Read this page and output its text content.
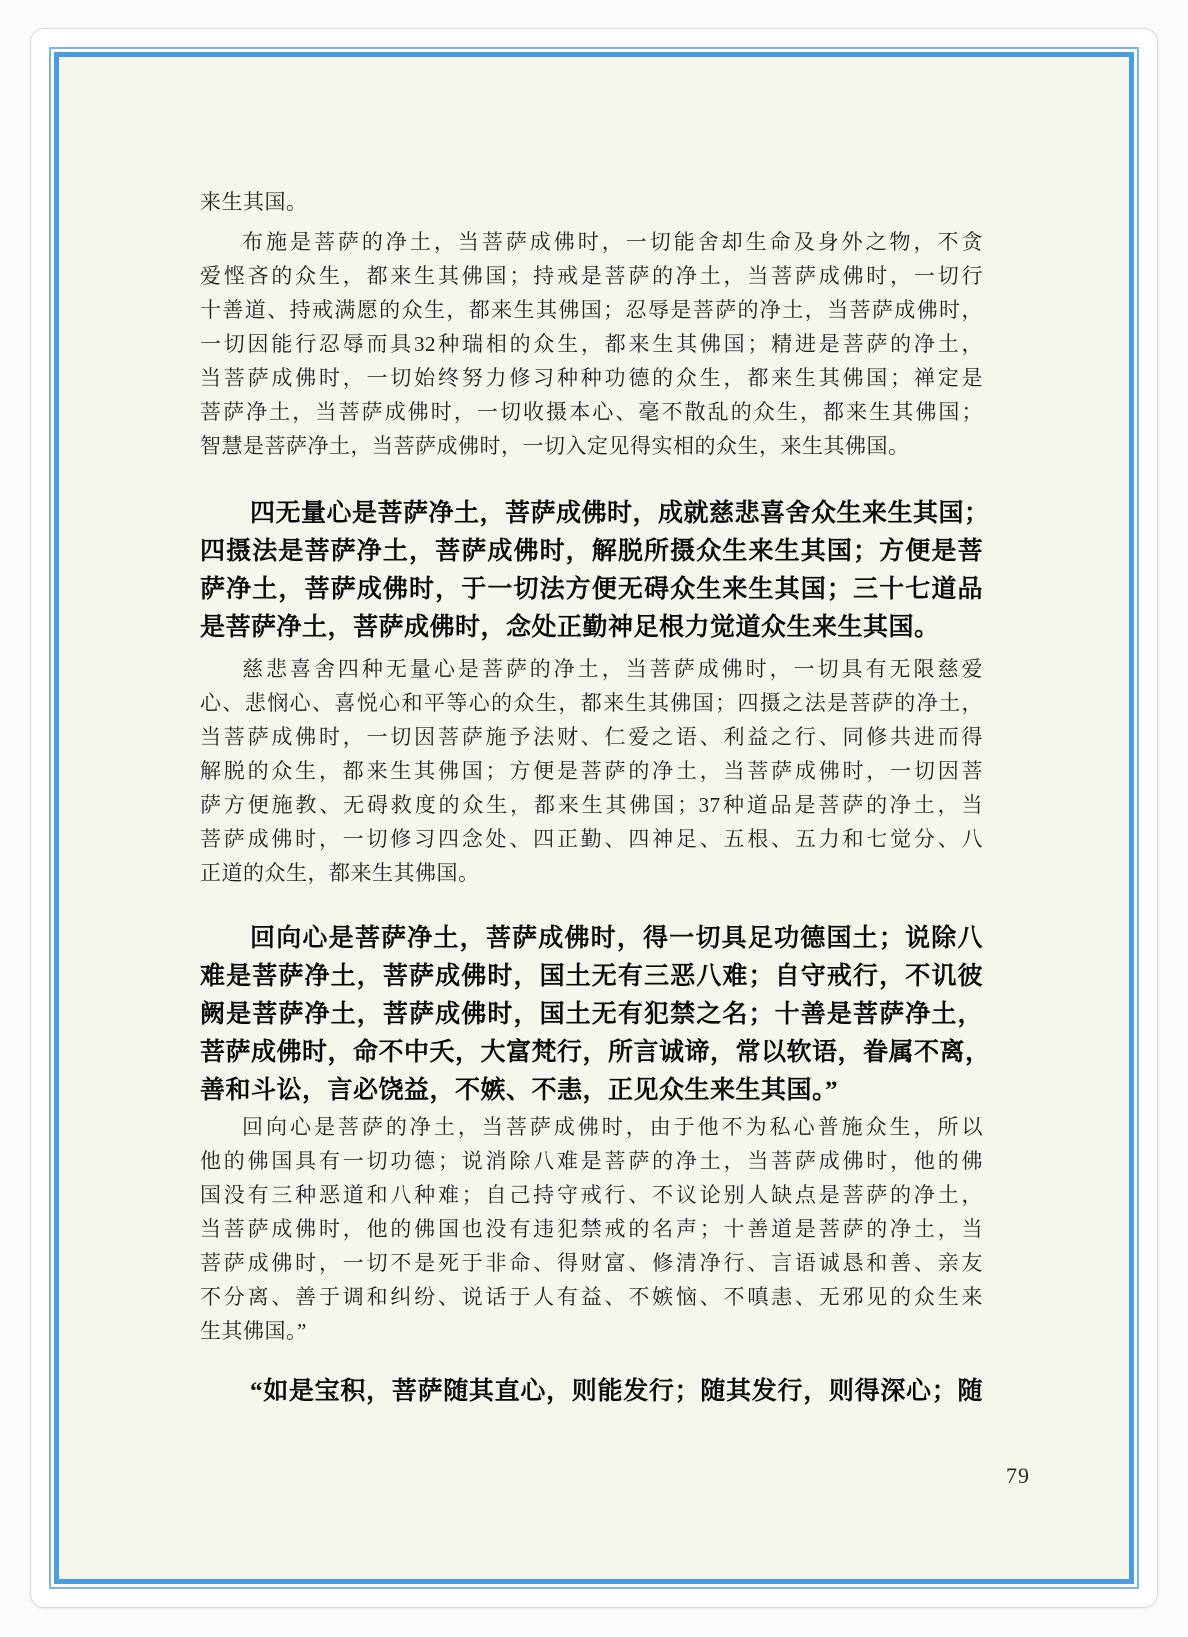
来生其国。
布施是菩萨的净土，当菩萨成佛时，一切能舍却生命及身外之物，不贪
爱悭吝的众生，都来生其佛国；持戒是菩萨的净土，当菩萨成佛时，一切行
十善道、持戒满愿的众生，都来生其佛国；忍辱是菩萨的净土，当菩萨成佛时，
一切因能行忍辱而具32种瑞相的众生，都来生其佛国；精进是菩萨的净土，
当菩萨成佛时，一切始终努力修习种种功德的众生，都来生其佛国；禅定是
菩萨净土，当菩萨成佛时，一切收摄本心、毫不散乱的众生，都来生其佛国；
智慧是菩萨净土，当菩萨成佛时，一切入定见得实相的众生，来生其佛国。
四无量心是菩萨净土，菩萨成佛时，成就慈悲喜舍众生来生其国；
四摄法是菩萨净土，菩萨成佛时，解脱所摄众生来生其国；方便是菩
萨净土，菩萨成佛时，于一切法方便无碍众生来生其国；三十七道品
是菩萨净土，菩萨成佛时，念处正勤神足根力觉道众生来生其国。
慈悲喜舍四种无量心是菩萨的净土，当菩萨成佛时，一切具有无限慈爱
心、悲悯心、喜悦心和平等心的众生，都来生其佛国；四摄之法是菩萨的净土，
当菩萨成佛时，一切因菩萨施予法财、仁爱之语、利益之行、同修共进而得
解脱的众生，都来生其佛国；方便是菩萨的净土，当菩萨成佛时，一切因菩
萨方便施教、无碍救度的众生，都来生其佛国；37种道品是菩萨的净土，当
菩萨成佛时，一切修习四念处、四正勤、四神足、五根、五力和七觉分、八
正道的众生，都来生其佛国。
回向心是菩萨净土，菩萨成佛时，得一切具足功德国土；说除八
难是菩萨净土，菩萨成佛时，国土无有三恶八难；自守戒行，不讥彼
阙是菩萨净土，菩萨成佛时，国土无有犯禁之名；十善是菩萨净土，
菩萨成佛时，命不中夭，大富梵行，所言诚谛，常以软语，眷属不离，
善和斗讼，言必饶益，不嫉、不恚，正见众生来生其国。”
回向心是菩萨的净土，当菩萨成佛时，由于他不为私心普施众生，所以
他的佛国具有一切功德；说消除八难是菩萨的净土，当菩萨成佛时，他的佛
国没有三种恶道和八种难；自己持守戒行、不议论别人缺点是菩萨的净土，
当菩萨成佛时，他的佛国也没有违犯禁戒的名声；十善道是菩萨的净土，当
菩萨成佛时，一切不是死于非命、得财富、修清净行、言语诚恳和善、亲友
不分离、善于调和纠纷、说话于人有益、不嫉恼、不嗔恚、无邪见的众生来
生其佛国。”
“如是宝积，菩萨随其直心，则能发行；随其发行，则得深心；随
79
